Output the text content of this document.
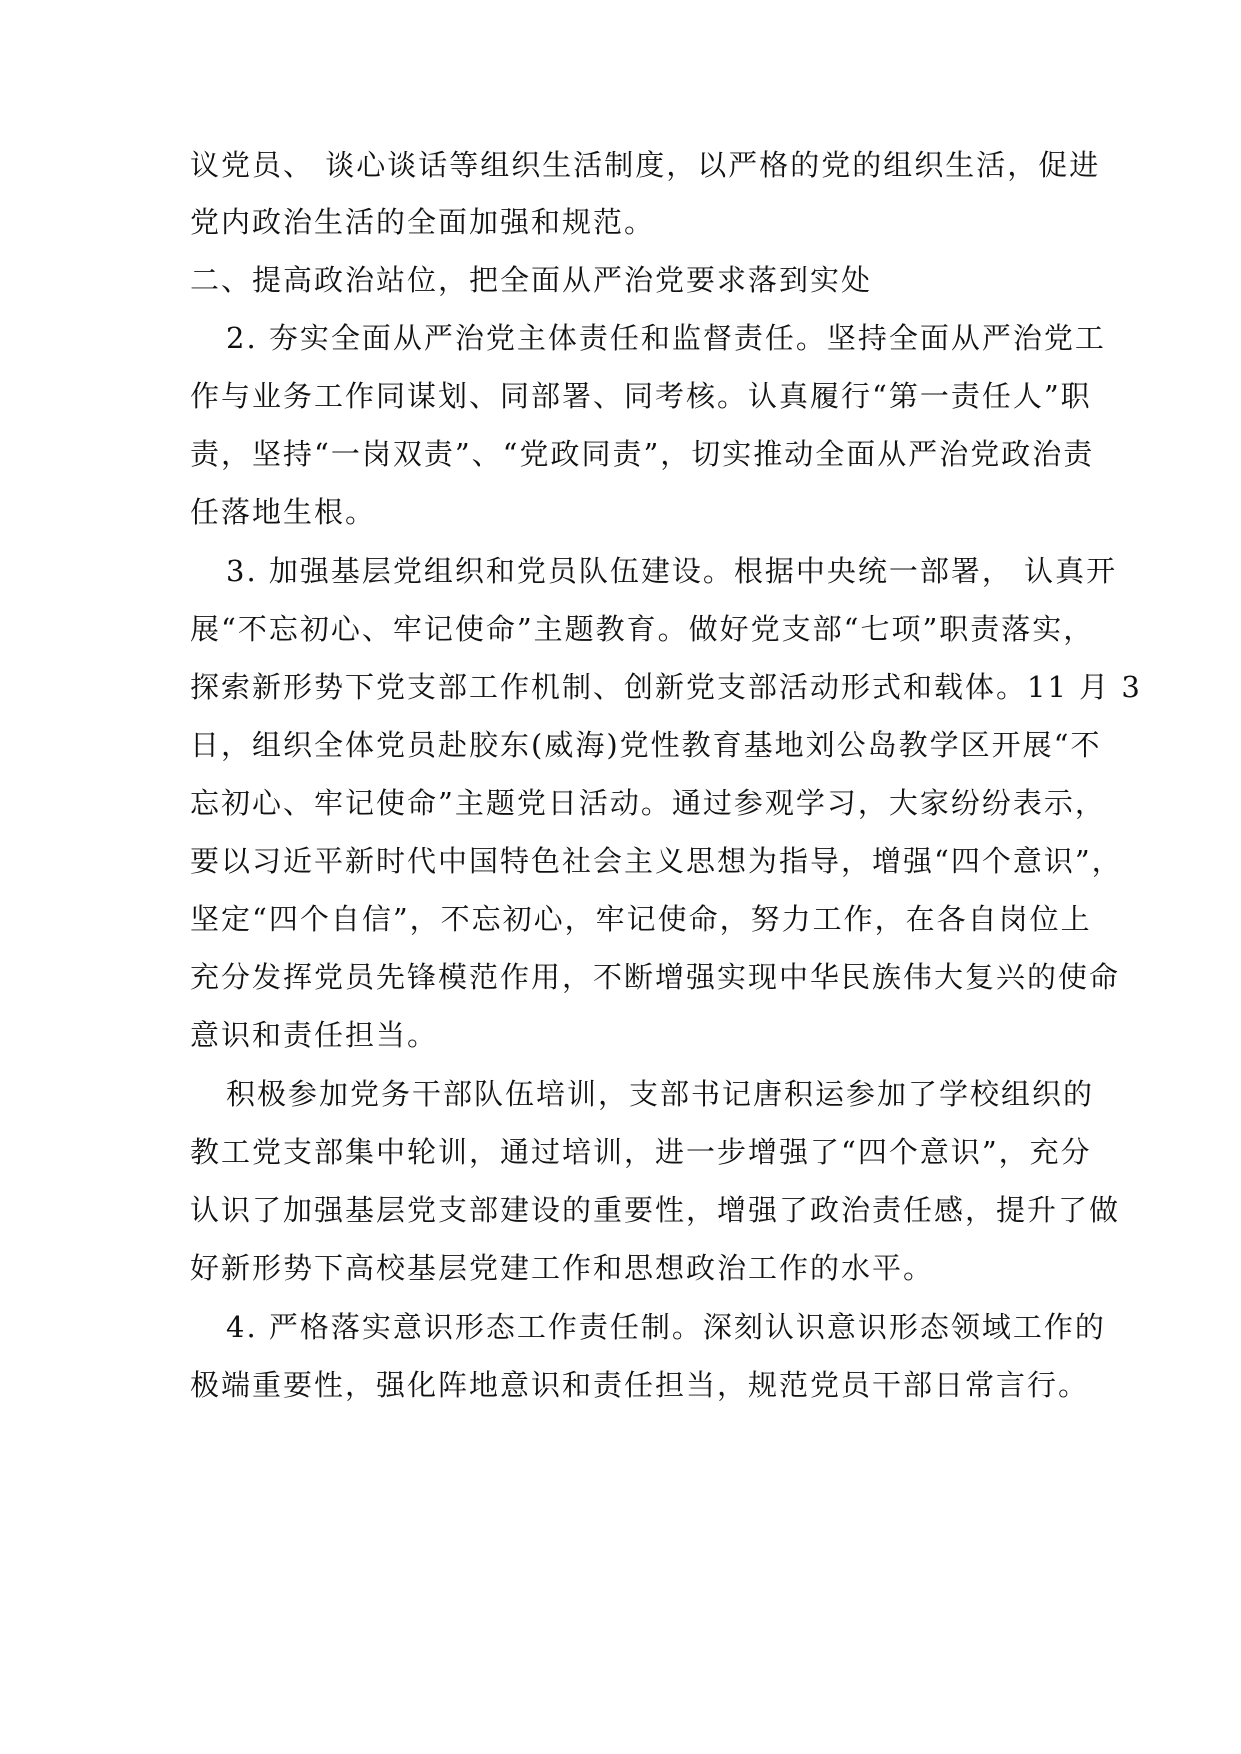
议党员、 谈心谈话等组织生活制度，以严格的党的组织生活，促进
党内政治生活的全面加强和规范。
二、提高政治站位，把全面从严治党要求落到实处
2. 夯实全面从严治党主体责任和监督责任。坚持全面从严治党工
作与业务工作同谋划、同部署、同考核。认真履行“第一责任人”职
责，坚持“一岗双责”、“党政同责”，切实推动全面从严治党政治责
任落地生根。
3. 加强基层党组织和党员队伍建设。根据中央统一部署， 认真开
展“不忘初心、牢记使命”主题教育。做好党支部“七项”职责落实，
探索新形势下党支部工作机制、创新党支部活动形式和载体。11 月 3
日，组织全体党员赴胶东(威海)党性教育基地刘公岛教学区开展“不
忘初心、牢记使命”主题党日活动。通过参观学习，大家纷纷表示，
要以习近平新时代中国特色社会主义思想为指导，增强“四个意识”，
坚定“四个自信”，不忘初心，牢记使命，努力工作，在各自岗位上
充分发挥党员先锋模范作用，不断增强实现中华民族伟大复兴的使命
意识和责任担当。
积极参加党务干部队伍培训，支部书记唐积运参加了学校组织的
教工党支部集中轮训，通过培训，进一步增强了“四个意识”，充分
认识了加强基层党支部建设的重要性，增强了政治责任感，提升了做
好新形势下高校基层党建工作和思想政治工作的水平。
4. 严格落实意识形态工作责任制。深刻认识意识形态领域工作的
极端重要性，强化阵地意识和责任担当，规范党员干部日常言行。
